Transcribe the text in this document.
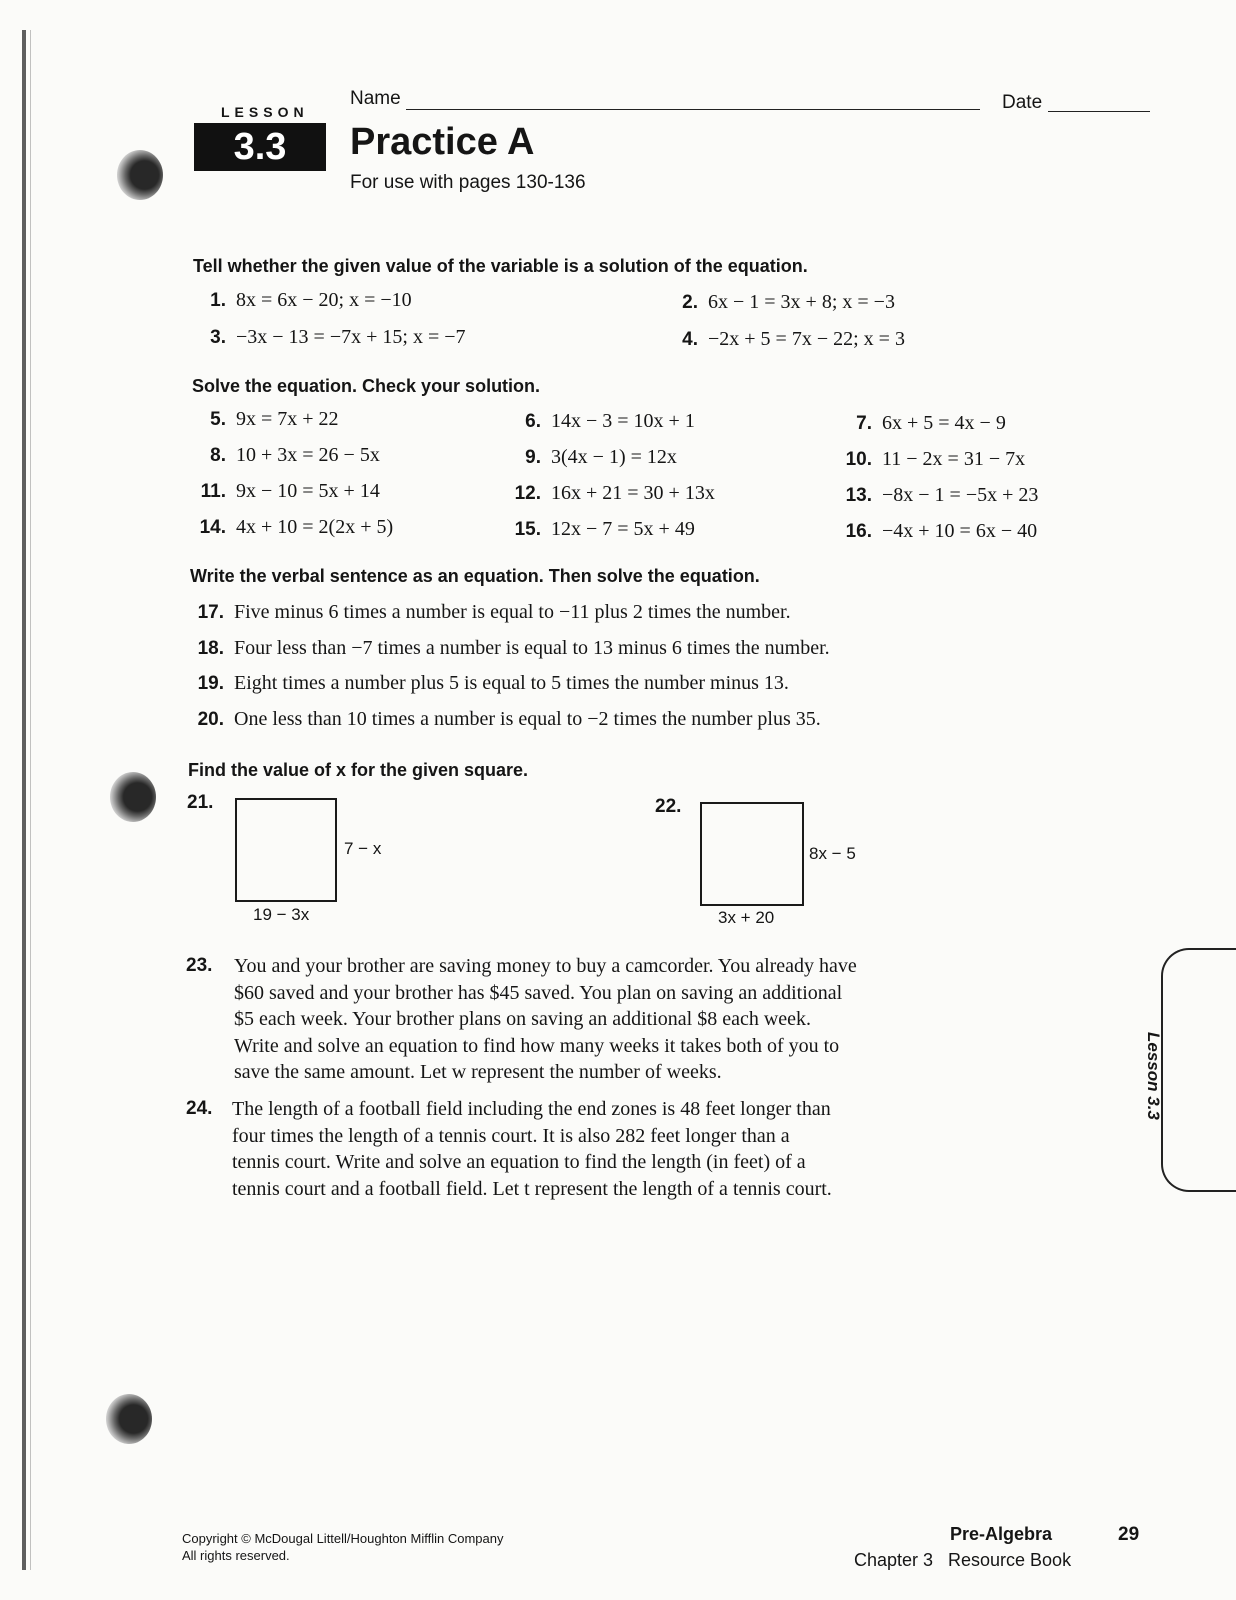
LESSON
3.3
Name	Date
Practice A
For use with pages 130-136
Tell whether the given value of the variable is a solution of the equation.
1. 8x = 6x − 20; x = −10	2. 6x − 1 = 3x + 8; x = −3
3. −3x − 13 = −7x + 15; x = −7	4. −2x + 5 = 7x − 22; x = 3
Solve the equation. Check your solution.
5. 9x = 7x + 22	6. 14x − 3 = 10x + 1	7. 6x + 5 = 4x − 9
8. 10 + 3x = 26 − 5x	9. 3(4x − 1) = 12x	10. 11 − 2x = 31 − 7x
11. 9x − 10 = 5x + 14	12. 16x + 21 = 30 + 13x	13. −8x − 1 = −5x + 23
14. 4x + 10 = 2(2x + 5)	15. 12x − 7 = 5x + 49	16. −4x + 10 = 6x − 40
Write the verbal sentence as an equation. Then solve the equation.
17. Five minus 6 times a number is equal to −11 plus 2 times the number.
18. Four less than −7 times a number is equal to 13 minus 6 times the number.
19. Eight times a number plus 5 is equal to 5 times the number minus 13.
20. One less than 10 times a number is equal to −2 times the number plus 35.
Find the value of x for the given square.
21.
7 − x
19 − 3x
22.
8x − 5
3x + 20
23. You and your brother are saving money to buy a camcorder. You already have
$60 saved and your brother has $45 saved. You plan on saving an additional
$5 each week. Your brother plans on saving an additional $8 each week.
Write and solve an equation to find how many weeks it takes both of you to
save the same amount. Let w represent the number of weeks.
24. The length of a football field including the end zones is 48 feet longer than
four times the length of a tennis court. It is also 282 feet longer than a
tennis court. Write and solve an equation to find the length (in feet) of a
tennis court and a football field. Let t represent the length of a tennis court.
Lesson 3.3
Copyright © McDougal Littell/Houghton Mifflin Company
All rights reserved.
Pre-Algebra
Chapter 3 Resource Book
29
